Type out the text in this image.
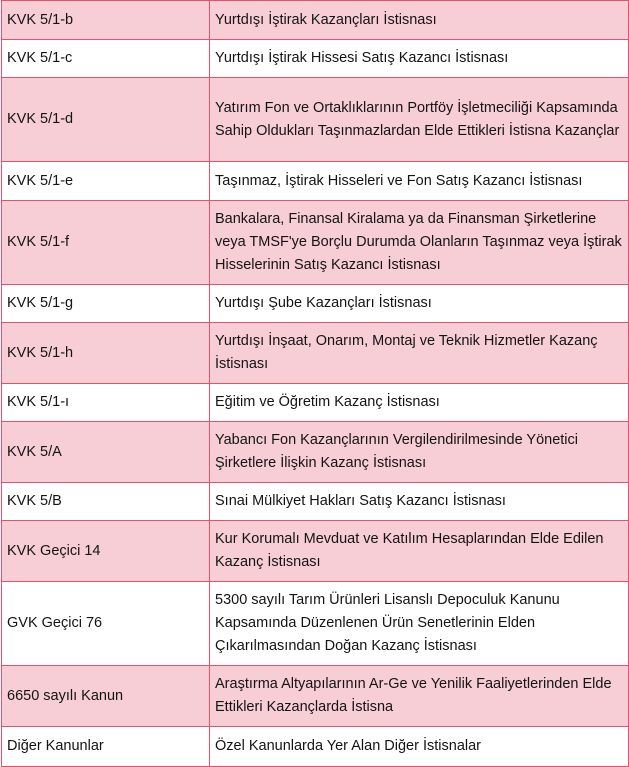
KVK 5/1-b	Yurtdışı İştirak Kazançları İstisnası
KVK 5/1-c	Yurtdışı İştirak Hissesi Satış Kazancı İstisnası
KVK 5/1-d	Yatırım Fon ve Ortaklıklarının Portföy İşletmeciliği Kapsamında Sahip Oldukları Taşınmazlardan Elde Ettikleri İstisna Kazançlar
KVK 5/1-e	Taşınmaz, İştirak Hisseleri ve Fon Satış Kazancı İstisnası
KVK 5/1-f	Bankalara, Finansal Kiralama ya da Finansman Şirketlerine veya TMSF'ye Borçlu Durumda Olanların Taşınmaz veya İştirak Hisselerinin Satış Kazancı İstisnası
KVK 5/1-g	Yurtdışı Şube Kazançları İstisnası
KVK 5/1-h	Yurtdışı İnşaat, Onarım, Montaj ve Teknik Hizmetler Kazanç İstisnası
KVK 5/1-ı	Eğitim ve Öğretim Kazanç İstisnası
KVK 5/A	Yabancı Fon Kazançlarının Vergilendirilmesinde Yönetici Şirketlere İlişkin Kazanç İstisnası
KVK 5/B	Sınai Mülkiyet Hakları Satış Kazancı İstisnası
KVK Geçici 14	Kur Korumalı Mevduat ve Katılım Hesaplarından Elde Edilen Kazanç İstisnası
GVK Geçici 76	5300 sayılı Tarım Ürünleri Lisanslı Depoculuk Kanunu Kapsamında Düzenlenen Ürün Senetlerinin Elden Çıkarılmasından Doğan Kazanç İstisnası
6650 sayılı Kanun	Araştırma Altyapılarının Ar-Ge ve Yenilik Faaliyetlerinden Elde Ettikleri Kazançlarda İstisna
Diğer Kanunlar	Özel Kanunlarda Yer Alan Diğer İstisnalar
